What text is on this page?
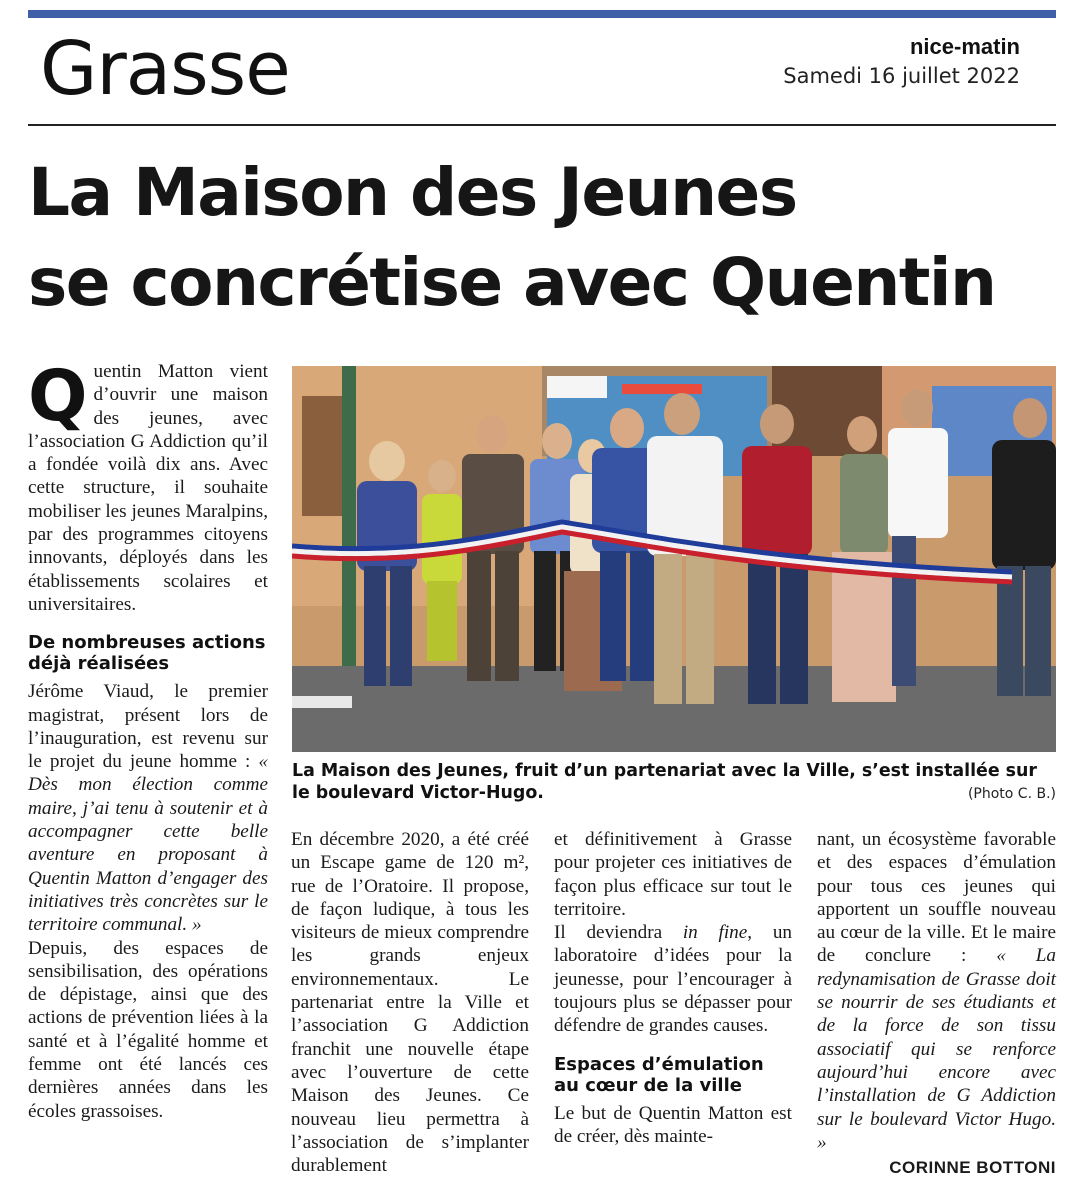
Grasse	nice-matin
Samedi 16 juillet 2022
La Maison des Jeunes
se concrétise avec Quentin

Quentin Matton vient d’ouvrir une maison des jeunes, avec l’association G Addiction qu’il a fondée voilà dix ans. Avec cette structure, il souhaite mobiliser les jeunes Maralpins, par des programmes citoyens innovants, déployés dans les établissements scolaires et universitaires.

De nombreuses actions déjà réalisées

Jérôme Viaud, le premier magistrat, présent lors de l’inauguration, est revenu sur le projet du jeune homme : « Dès mon élection comme maire, j’ai tenu à soutenir et à accompagner cette belle aventure en proposant à Quentin Matton d’engager des initiatives très concrètes sur le territoire communal. »

Depuis, des espaces de sensibilisation, des opérations de dépistage, ainsi que des actions de prévention liées à la santé et à l’égalité homme et femme ont été lancés ces dernières années dans les écoles grassoises.

La Maison des Jeunes, fruit d’un partenariat avec la Ville, s’est installée sur le boulevard Victor-Hugo.	(Photo C. B.)

En décembre 2020, a été créé un Escape game de 120 m², rue de l’Oratoire. Il propose, de façon ludique, à tous les visiteurs de mieux comprendre les grands enjeux environnementaux. Le partenariat entre la Ville et l’association G Addiction franchit une nouvelle étape avec l’ouverture de cette Maison des Jeunes. Ce nouveau lieu permettra à l’association de s’implanter durablement

et définitivement à Grasse pour projeter ces initiatives de façon plus efficace sur tout le territoire.

Il deviendra in fine, un laboratoire d’idées pour la jeunesse, pour l’encourager à toujours plus se dépasser pour défendre de grandes causes.

Espaces d’émulation au cœur de la ville

Le but de Quentin Matton est de créer, dès mainte-

nant, un écosystème favorable et des espaces d’émulation pour tous ces jeunes qui apportent un souffle nouveau au cœur de la ville. Et le maire de conclure : « La redynamisation de Grasse doit se nourrir de ses étudiants et de la force de son tissu associatif qui se renforce aujourd’hui encore avec l’installation de G Addiction sur le boulevard Victor Hugo. »

CORINNE BOTTONI
